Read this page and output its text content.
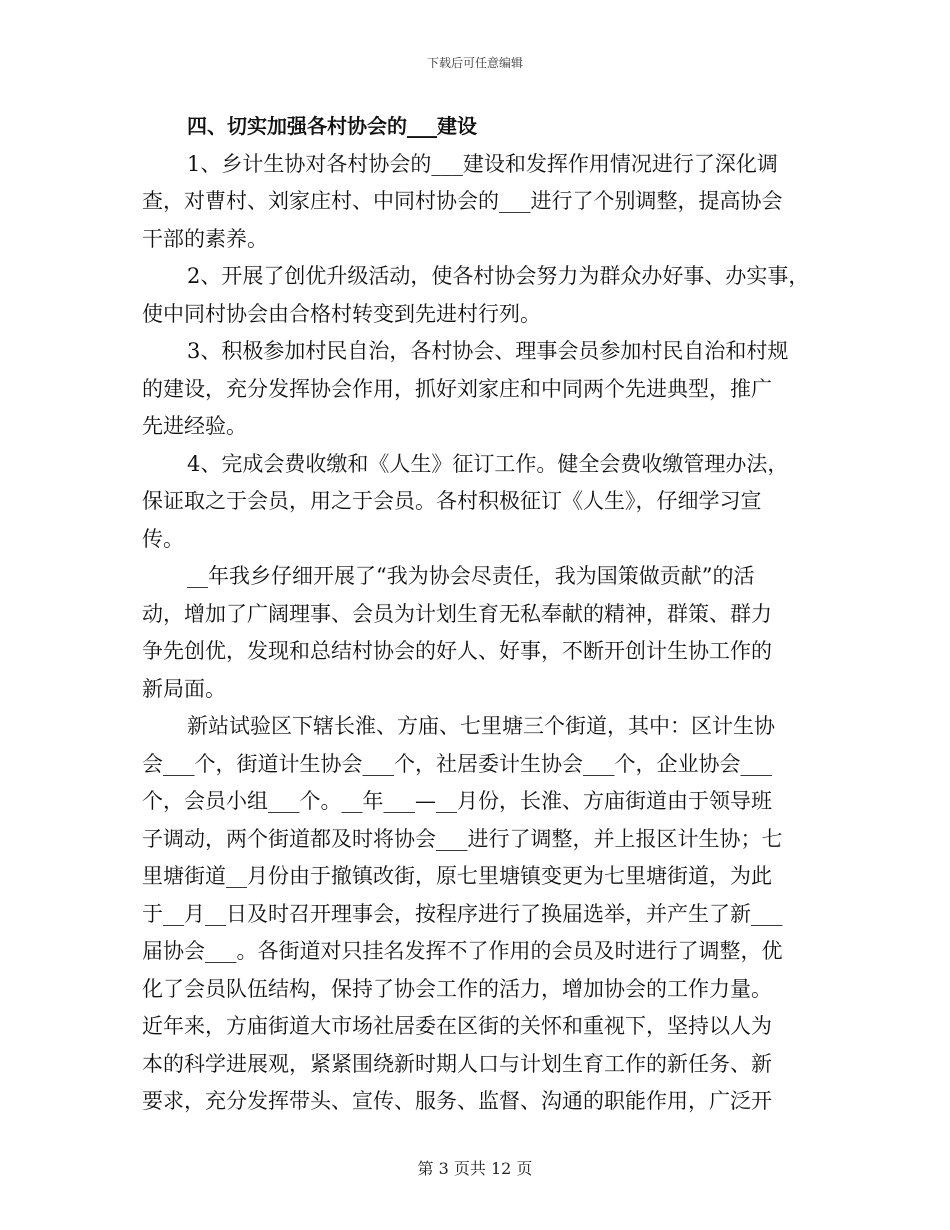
下载后可任意编辑
四、切实加强各村协会的___建设
1、乡计生协对各村协会的___建设和发挥作用情况进行了深化调
查，对曹村、刘家庄村、中同村协会的___进行了个别调整，提高协会
干部的素养。
2、开展了创优升级活动，使各村协会努力为群众办好事、办实事，
使中同村协会由合格村转变到先进村行列。
3、积极参加村民自治，各村协会、理事会员参加村民自治和村规
的建设，充分发挥协会作用，抓好刘家庄和中同两个先进典型，推广
先进经验。
4、完成会费收缴和《人生》征订工作。健全会费收缴管理办法，
保证取之于会员，用之于会员。各村积极征订《人生》，仔细学习宣
传。
__年我乡仔细开展了“我为协会尽责任，我为国策做贡献”的活
动，增加了广阔理事、会员为计划生育无私奉献的精神，群策、群力
争先创优，发现和总结村协会的好人、好事，不断开创计生协工作的
新局面。
新站试验区下辖长淮、方庙、七里塘三个街道，其中：区计生协
会___个，街道计生协会___个，社居委计生协会___个，企业协会___
个，会员小组___个。__年___—__月份，长淮、方庙街道由于领导班
子调动，两个街道都及时将协会___进行了调整，并上报区计生协；七
里塘街道__月份由于撤镇改街，原七里塘镇变更为七里塘街道，为此
于__月__日及时召开理事会，按程序进行了换届选举，并产生了新___
届协会___。各街道对只挂名发挥不了作用的会员及时进行了调整，优
化了会员队伍结构，保持了协会工作的活力，增加协会的工作力量。
近年来，方庙街道大市场社居委在区街的关怀和重视下，坚持以人为
本的科学进展观，紧紧围绕新时期人口与计划生育工作的新任务、新
要求，充分发挥带头、宣传、服务、监督、沟通的职能作用，广泛开
第 3 页共 12 页
